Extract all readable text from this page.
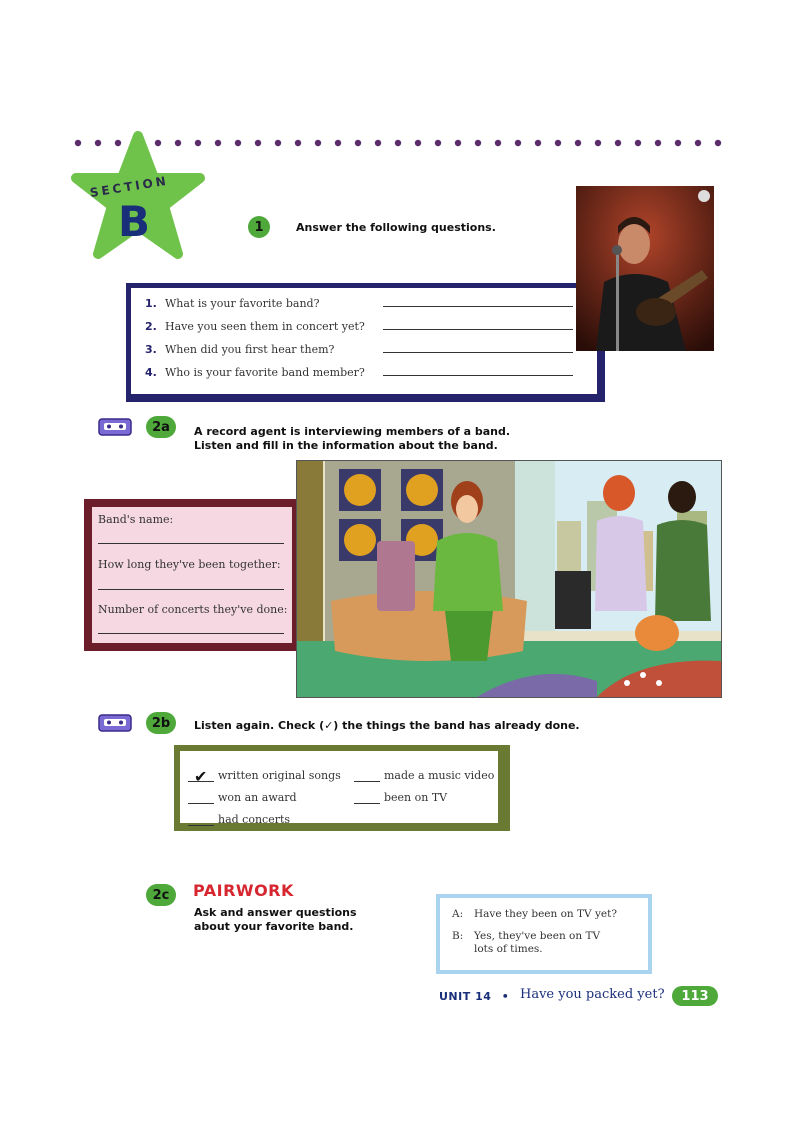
SECTION
B	1	Answer the following questions.
1. What is your favorite band?
2. Have you seen them in concert yet?
3. When did you first hear them?
4. Who is your favorite band member?
2a	A record agent is interviewing members of a band.
Listen and fill in the information about the band.
Band's name:
How long they've been together:
Number of concerts they've done:
2b	Listen again. Check (✓) the things the band has already done.
✔ written original songs	made a music video
won an award	been on TV
had concerts
2c	PAIRWORK
Ask and answer questions
about your favorite band.
A:	Have they been on TV yet?
B:	Yes, they've been on TV lots of times.
UNIT 14 • Have you packed yet?	113
